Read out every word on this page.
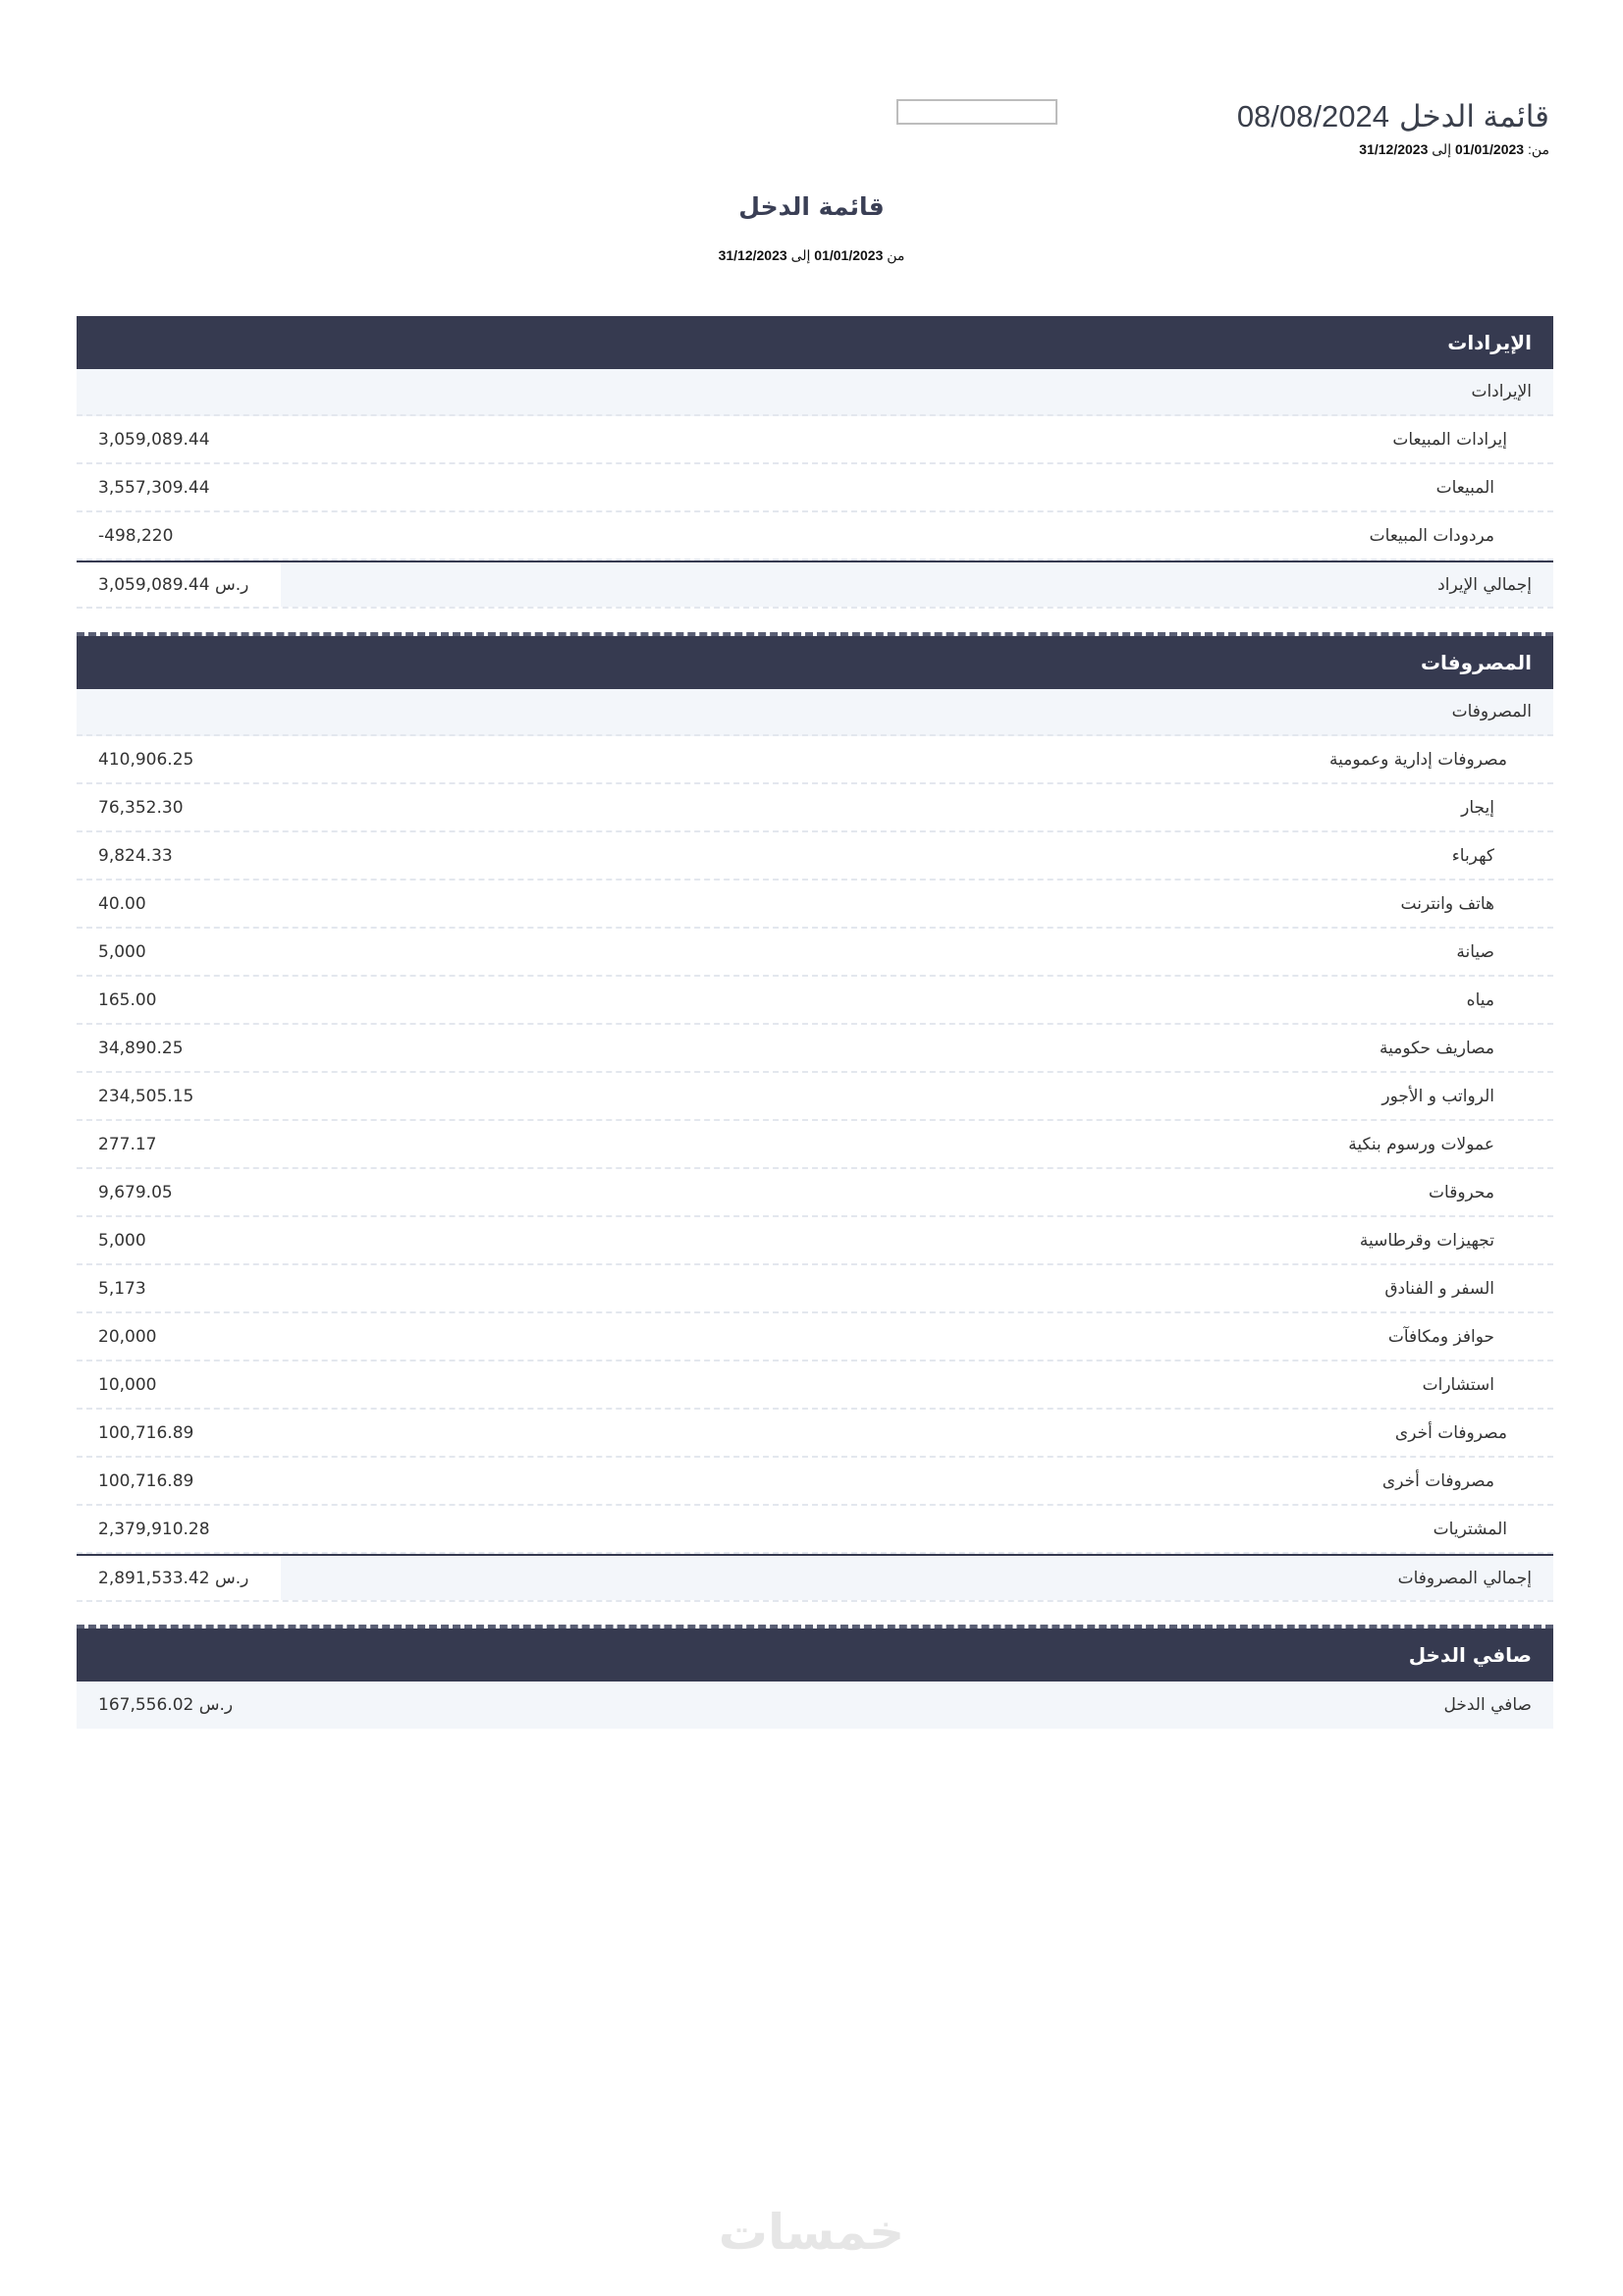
قائمة الدخل08/08/2024
من: 01/01/2023 إلى 31/12/2023
قائمة الدخل
من 01/01/2023 إلى 31/12/2023
الإيرادات
الإيرادات
إيرادات المبيعات
3,059,089.44
المبيعات
3,557,309.44
مردودات المبيعات
-498,220
إجمالي الإيراد
3,059,089.44 ر.س
المصروفات
المصروفات
مصروفات إدارية وعمومية
410,906.25
إيجار
76,352.30
كهرباء
9,824.33
هاتف وانترنت
40.00
صيانة
5,000
مياه
165.00
مصاريف حكومية
34,890.25
الرواتب و الأجور
234,505.15
عمولات ورسوم بنكية
277.17
محروقات
9,679.05
تجهيزات وقرطاسية
5,000
السفر و الفنادق
5,173
حوافز ومكافآت
20,000
استشارات
10,000
مصروفات أخرى
100,716.89
مصروفات أخرى
100,716.89
المشتريات
2,379,910.28
إجمالي المصروفات
2,891,533.42 ر.س
صافي الدخل
صافي الدخل
167,556.02 ر.س
خمسات
